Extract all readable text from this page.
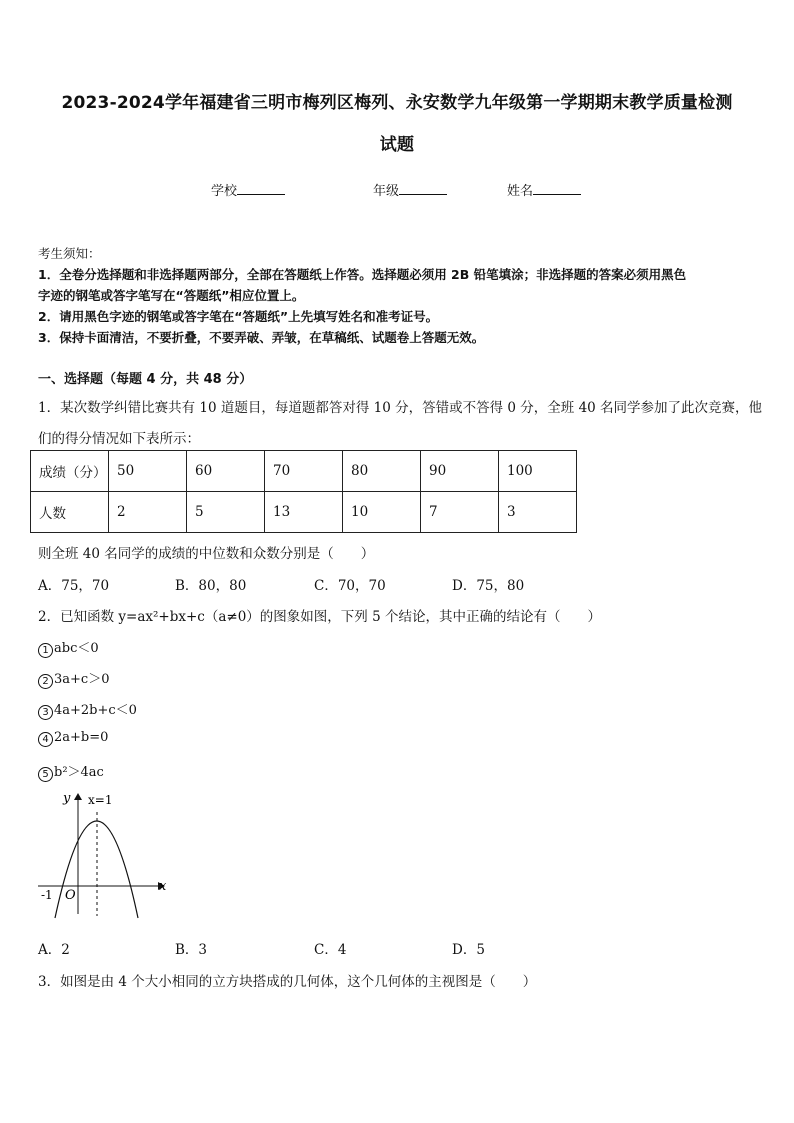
2023-2024学年福建省三明市梅列区梅列、永安数学九年级第一学期期末教学质量检测
试题
学校	年级	姓名
考生须知：
1．全卷分选择题和非选择题两部分，全部在答题纸上作答。选择题必须用 2B 铅笔填涂；非选择题的答案必须用黑色
字迹的钢笔或答字笔写在“答题纸”相应位置上。
2．请用黑色字迹的钢笔或答字笔在“答题纸”上先填写姓名和准考证号。
3．保持卡面清洁，不要折叠，不要弄破、弄皱，在草稿纸、试题卷上答题无效。
一、选择题（每题 4 分，共 48 分）
1．某次数学纠错比赛共有 10 道题目，每道题都答对得 10 分，答错或不答得 0 分，全班 40 名同学参加了此次竞赛，他
们的得分情况如下表所示：
成绩（分）	50	60	70	80	90	100
人数	2	5	13	10	7	3
则全班 40 名同学的成绩的中位数和众数分别是（　　）
A．75，70	B．80，80	C．70，70	D．75，80
2．已知函数 y=ax²+bx+c（a≠0）的图象如图，下列 5 个结论，其中正确的结论有（　　）
1 abc＜0
2 3a+c＞0
3 4a+2b+c＜0
4 2a+b=0
5 b²＞4ac
y x=1
x
O
-1
A．2	B．3	C．4	D．5
3．如图是由 4 个大小相同的立方块搭成的几何体，这个几何体的主视图是（　　）
